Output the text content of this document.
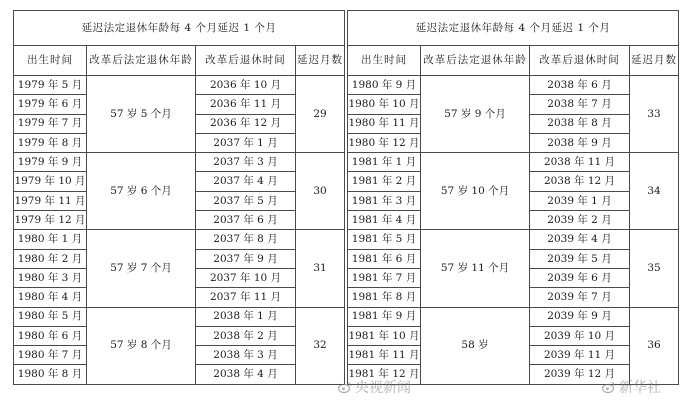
延迟法定退休年龄每 4 个月延迟 1 个月			
出生时间	改革后法定退休年龄	改革后退休时间	延迟月数
1979 年 5 月	57 岁 5 个月	2036 年 10 月	29
1979 年 6 月		2036 年 11 月	
1979 年 7 月		2036 年 12 月	
1979 年 8 月		2037 年 1 月	
1979 年 9 月	57 岁 6 个月	2037 年 3 月	30
1979 年 10 月		2037 年 4 月	
1979 年 11 月		2037 年 5 月	
1979 年 12 月		2037 年 6 月	
1980 年 1 月	57 岁 7 个月	2037 年 8 月	31
1980 年 2 月		2037 年 9 月	
1980 年 3 月		2037 年 10 月	
1980 年 4 月		2037 年 11 月	
1980 年 5 月	57 岁 8 个月	2038 年 1 月	32
1980 年 6 月		2038 年 2 月	
1980 年 7 月		2038 年 3 月	
1980 年 8 月		2038 年 4 月	
延迟法定退休年龄每 4 个月延迟 1 个月			
出生时间	改革后法定退休年龄	改革后退休时间	延迟月数
1980 年 9 月	57 岁 9 个月	2038 年 6 月	33
1980 年 10 月		2038 年 7 月	
1980 年 11 月		2038 年 8 月	
1980 年 12 月		2038 年 9 月	
1981 年 1 月	57 岁 10 个月	2038 年 11 月	34
1981 年 2 月		2038 年 12 月	
1981 年 3 月		2039 年 1 月	
1981 年 4 月		2039 年 2 月	
1981 年 5 月	57 岁 11 个月	2039 年 4 月	35
1981 年 6 月		2039 年 5 月	
1981 年 7 月		2039 年 6 月	
1981 年 8 月		2039 年 7 月	
1981 年 9 月	58 岁	2039 年 9 月	36
1981 年 10 月		2039 年 10 月	
1981 年 11 月		2039 年 11 月	
1981 年 12 月		2039 年 12 月	
央视新闻	新华社
